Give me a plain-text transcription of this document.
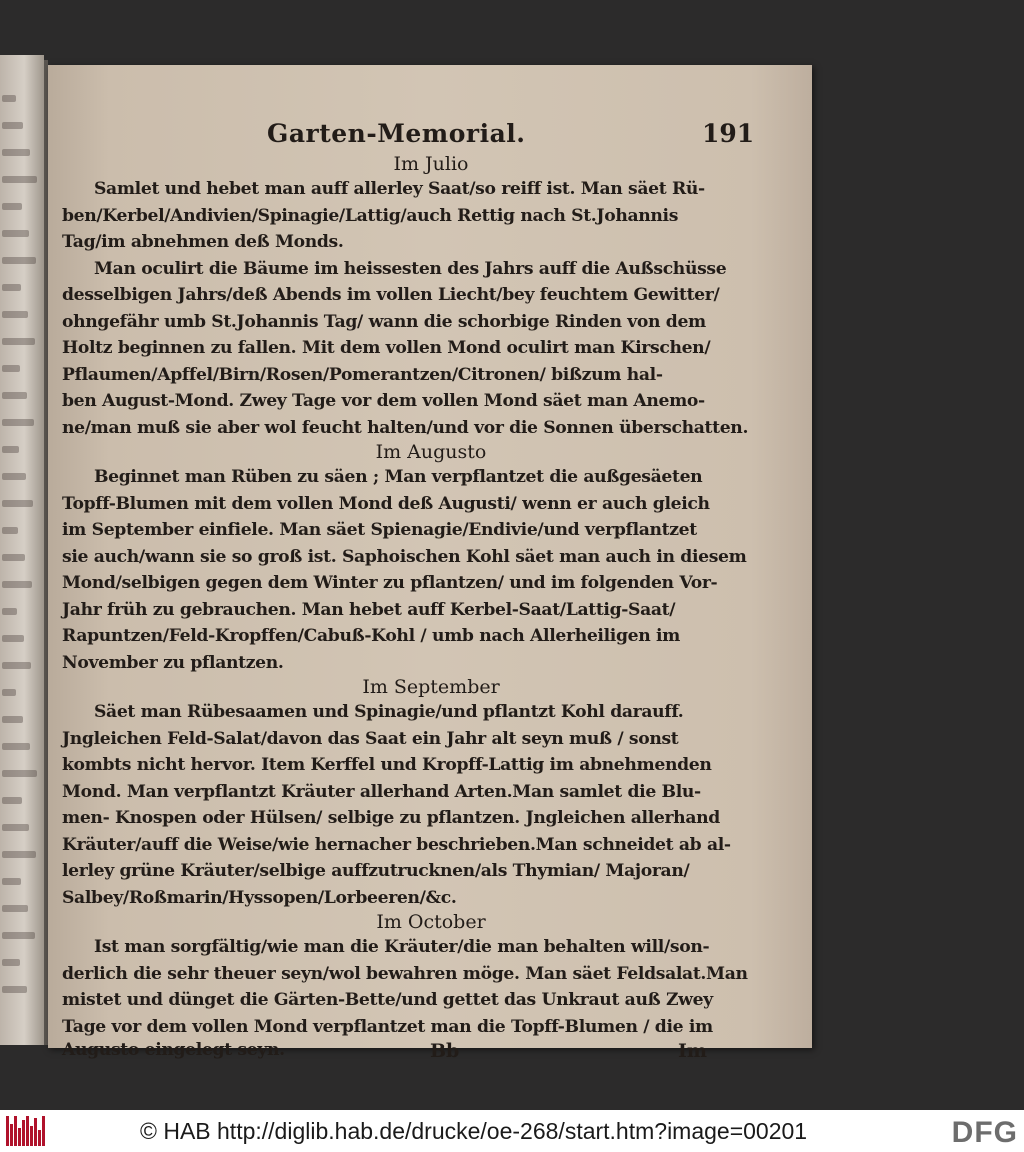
Garten-Memorial.	191

Im Julio

Samlet und hebet man auff allerley Saat/so reiff ist. Man säet Rü-
ben/Kerbel/Andivien/Spinagie/Lattig/auch Rettig nach St.Johannis
Tag/im abnehmen deß Monds.

Man oculirt die Bäume im heissesten des Jahrs auff die Außschüsse
desselbigen Jahrs/deß Abends im vollen Liecht/bey feuchtem Gewitter/
ohngefähr umb St.Johannis Tag/ wann die schorbige Rinden von dem
Holtz beginnen zu fallen. Mit dem vollen Mond oculirt man Kirschen/
Pflaumen/Apffel/Birn/Rosen/Pomerantzen/Citronen/ bißzum hal-
ben August-Mond. Zwey Tage vor dem vollen Mond säet man Anemo-
ne/man muß sie aber wol feucht halten/und vor die Sonnen überschatten.

Im Augusto

Beginnet man Rüben zu säen ; Man verpflantzet die außgesäeten
Topff-Blumen mit dem vollen Mond deß Augusti/ wenn er auch gleich
im September einfiele. Man säet Spienagie/Endivie/und verpflantzet
sie auch/wann sie so groß ist. Saphoischen Kohl säet man auch in diesem
Mond/selbigen gegen dem Winter zu pflantzen/ und im folgenden Vor-
Jahr früh zu gebrauchen. Man hebet auff Kerbel-Saat/Lattig-Saat/
Rapuntzen/Feld-Kropffen/Cabuß-Kohl / umb nach Allerheiligen im
November zu pflantzen.

Im September

Säet man Rübesaamen und Spinagie/und pflantzt Kohl darauff.
Jngleichen Feld-Salat/davon das Saat ein Jahr alt seyn muß / sonst
kombts nicht hervor. Item Kerffel und Kropff-Lattig im abnehmenden
Mond. Man verpflantzt Kräuter allerhand Arten.Man samlet die Blu-
men- Knospen oder Hülsen/ selbige zu pflantzen. Jngleichen allerhand
Kräuter/auff die Weise/wie hernacher beschrieben.Man schneidet ab al-
lerley grüne Kräuter/selbige auffzutrucknen/als Thymian/ Majoran/
Salbey/Roßmarin/Hyssopen/Lorbeeren/&c.

Im October

Ist man sorgfältig/wie man die Kräuter/die man behalten will/son-
derlich die sehr theuer seyn/wol bewahren möge. Man säet Feldsalat.Man
mistet und dünget die Gärten-Bette/und gettet das Unkraut auß Zwey
Tage vor dem vollen Mond verpflantzet man die Topff-Blumen / die im

Augusto eingelegt seyn.	Bb	Im
© HAB http://diglib.hab.de/drucke/oe-268/start.htm?image=00201	DFG
